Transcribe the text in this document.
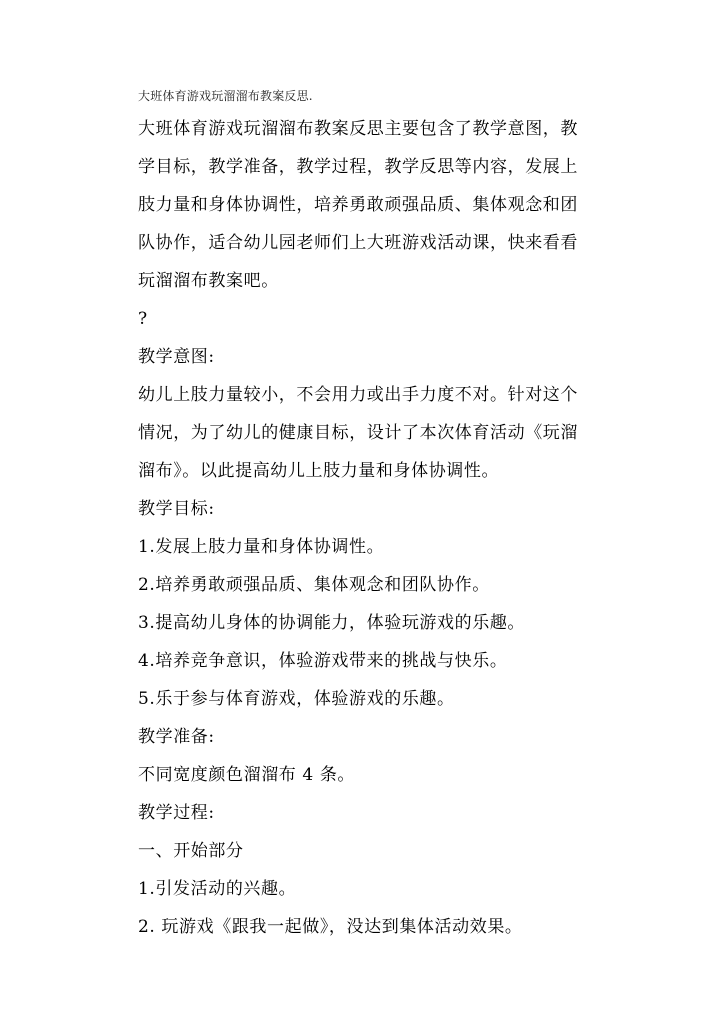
大班体育游戏玩溜溜布教案反思.

大班体育游戏玩溜溜布教案反思主要包含了教学意图，教学目标，教学准备，教学过程，教学反思等内容，发展上肢力量和身体协调性，培养勇敢顽强品质、集体观念和团队协作，适合幼儿园老师们上大班游戏活动课，快来看看玩溜溜布教案吧。

?

教学意图:

幼儿上肢力量较小，不会用力或出手力度不对。针对这个情况，为了幼儿的健康目标，设计了本次体育活动《玩溜溜布》。以此提高幼儿上肢力量和身体协调性。

教学目标:

1.发展上肢力量和身体协调性。

2.培养勇敢顽强品质、集体观念和团队协作。

3.提高幼儿身体的协调能力，体验玩游戏的乐趣。

4.培养竞争意识，体验游戏带来的挑战与快乐。

5.乐于参与体育游戏，体验游戏的乐趣。

教学准备:

不同宽度颜色溜溜布 4 条。

教学过程:

一、开始部分

1.引发活动的兴趣。

2. 玩游戏《跟我一起做》，没达到集体活动效果。
